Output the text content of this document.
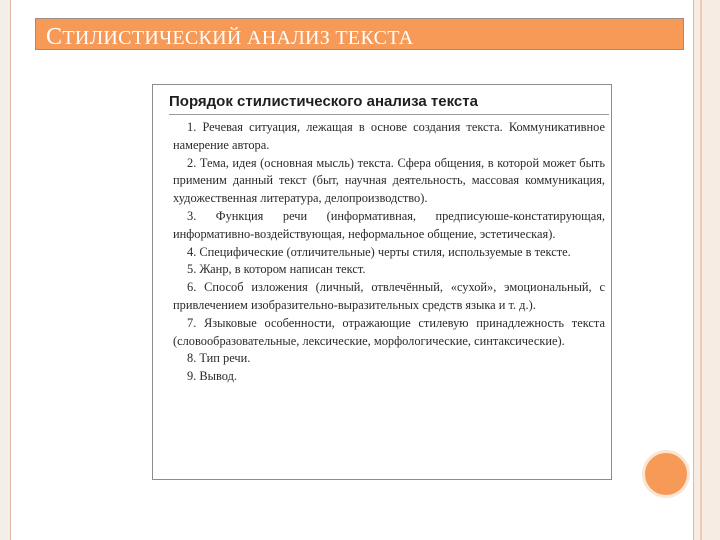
СТИЛИСТИЧЕСКИЙ АНАЛИЗ ТЕКСТА
Порядок стилистического анализа текста

1. Речевая ситуация, лежащая в основе создания текста. Коммуникативное намерение автора.

2. Тема, идея (основная мысль) текста. Сфера общения, в которой может быть применим данный текст (быт, научная деятельность, массовая коммуникация, художественная литература, делопроизводство).

3. Функция речи (информативная, предписуюше-констатирующая, информативно-воздействующая, неформальное общение, эстетическая).

4. Специфические (отличительные) черты стиля, используемые в тексте.

5. Жанр, в котором написан текст.

6. Способ изложения (личный, отвлечённый, «сухой», эмоциональный, с привлечением изобразительно-выразительных средств языка и т. д.).

7. Языковые особенности, отражающие стилевую принадлежность текста (словообразовательные, лексические, морфологические, синтаксические).

8. Тип речи.

9. Вывод.
